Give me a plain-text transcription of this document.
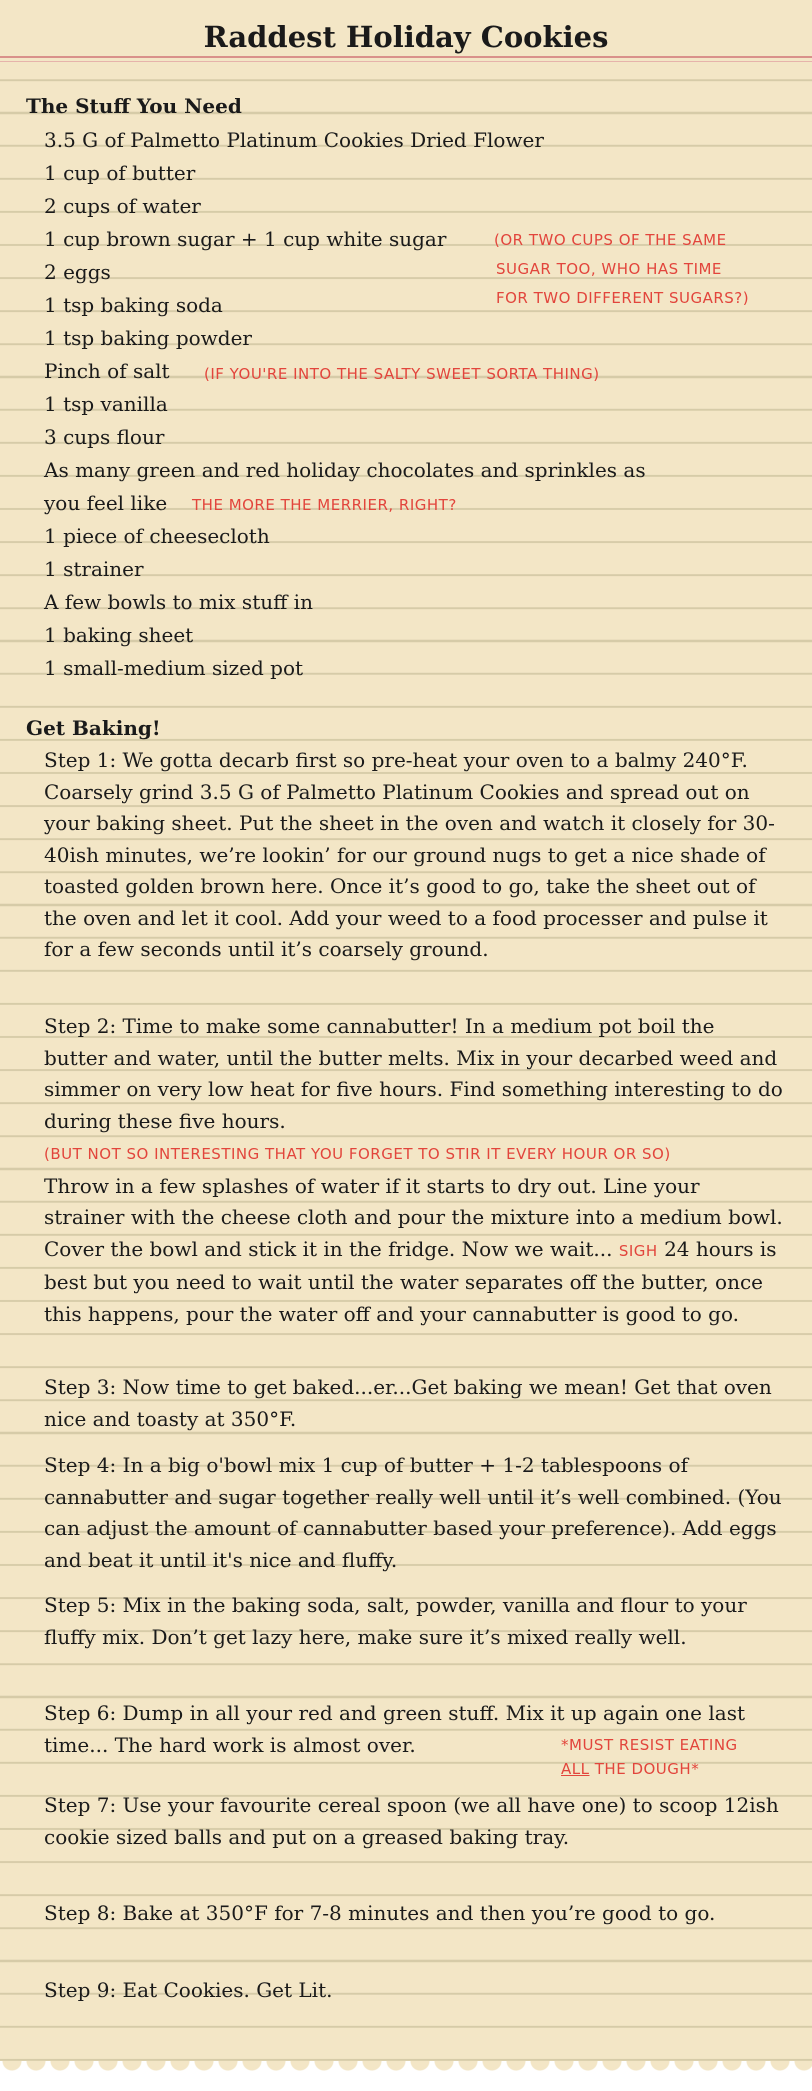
Raddest Holiday Cookies
The Stuff You Need
3.5 G of Palmetto Platinum Cookies Dried Flower
1 cup of butter
2 cups of water
1 cup brown sugar + 1 cup white sugar
2 eggs
1 tsp baking soda
1 tsp baking powder
Pinch of salt
1 tsp vanilla
3 cups flour
As many green and red holiday chocolates and sprinkles as
you feel like
1 piece of cheesecloth
1 strainer
A few bowls to mix stuff in
1 baking sheet
1 small-medium sized pot
(OR TWO CUPS OF THE SAME
SUGAR TOO, WHO HAS TIME
FOR TWO DIFFERENT SUGARS?)
(IF YOU'RE INTO THE SALTY SWEET SORTA THING)
THE MORE THE MERRIER, RIGHT?
Get Baking!
Step 1: We gotta decarb first so pre-heat your oven to a balmy 240°F. Coarsely grind 3.5 G of Palmetto Platinum Cookies and spread out on your baking sheet. Put the sheet in the oven and watch it closely for 30-40ish minutes, we’re lookin’ for our ground nugs to get a nice shade of toasted golden brown here. Once it’s good to go, take the sheet out of the oven and let it cool. Add your weed to a food processer and pulse it for a few seconds until it’s coarsely ground.
Step 2: Time to make some cannabutter! In a medium pot boil the butter and water, until the butter melts. Mix in your decarbed weed and simmer on very low heat for five hours. Find something interesting to do during these five hours.
(BUT NOT SO INTERESTING THAT YOU FORGET TO STIR IT EVERY HOUR OR SO)
Throw in a few splashes of water if it starts to dry out. Line your strainer with the cheese cloth and pour the mixture into a medium bowl. Cover the bowl and stick it in the fridge. Now we wait... SIGH 24 hours is best but you need to wait until the water separates off the butter, once this happens, pour the water off and your cannabutter is good to go.
Step 3: Now time to get baked...er...Get baking we mean! Get that oven nice and toasty at 350°F.
Step 4: In a big o'bowl mix 1 cup of butter + 1-2 tablespoons of cannabutter and sugar together really well until it’s well combined. (You can adjust the amount of cannabutter based your preference). Add eggs and beat it until it's nice and fluffy.
Step 5: Mix in the baking soda, salt, powder, vanilla and flour to your fluffy mix. Don’t get lazy here, make sure it’s mixed really well.
Step 6: Dump in all your red and green stuff. Mix it up again one last time... The hard work is almost over.	*MUST RESIST EATING
ALL THE DOUGH*
Step 7: Use your favourite cereal spoon (we all have one) to scoop 12ish cookie sized balls and put on a greased baking tray.
Step 8: Bake at 350°F for 7-8 minutes and then you’re good to go.
Step 9: Eat Cookies. Get Lit.
